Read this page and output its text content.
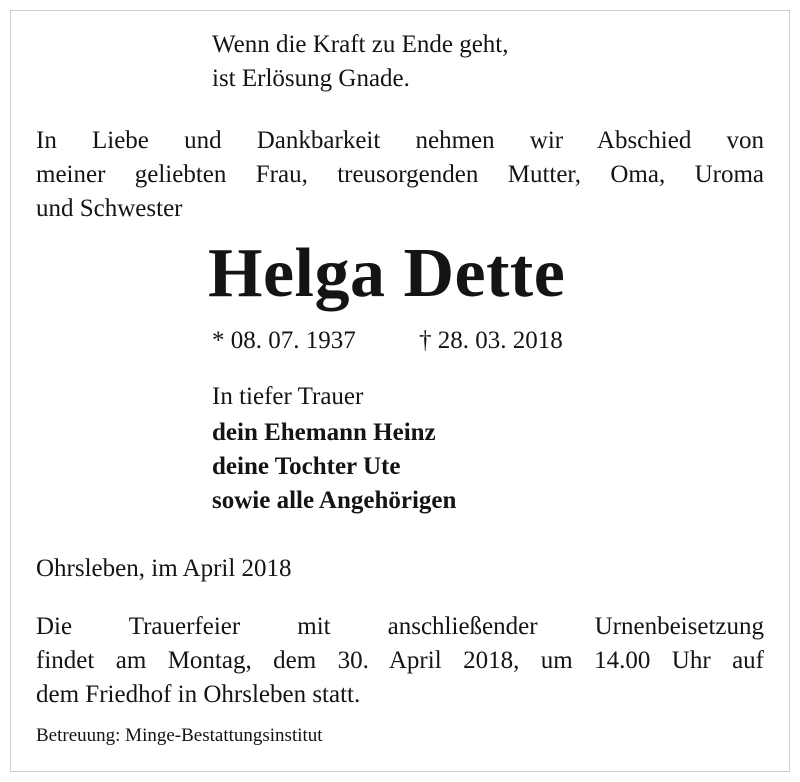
Wenn die Kraft zu Ende geht,
ist Erlösung Gnade.
In Liebe und Dankbarkeit nehmen wir Abschied von
meiner geliebten Frau, treusorgenden Mutter, Oma, Uroma
und Schwester
Helga Dette
* 08. 07. 1937	† 28. 03. 2018
In tiefer Trauer
dein Ehemann Heinz
deine Tochter Ute
sowie alle Angehörigen
Ohrsleben, im April 2018
Die Trauerfeier mit anschließender Urnenbeisetzung
findet am Montag, dem 30. April 2018, um 14.00 Uhr auf
dem Friedhof in Ohrsleben statt.
Betreuung: Minge-Bestattungsinstitut
